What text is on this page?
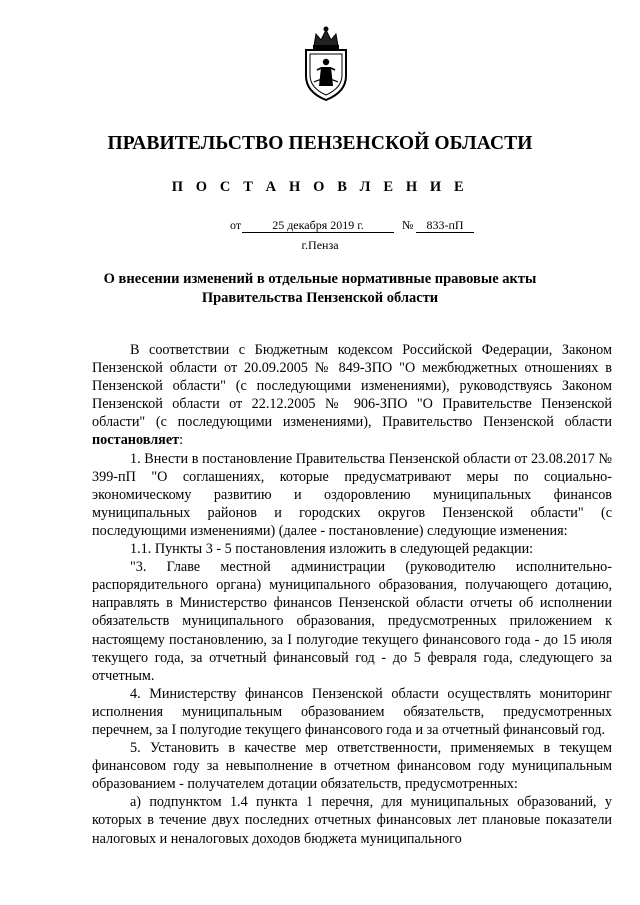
ПРАВИТЕЛЬСТВО ПЕНЗЕНСКОЙ ОБЛАСТИ
П О С Т А Н О В Л Е Н И Е
от	25 декабря 2019 г.	№	833-пП
г.Пенза
О внесении изменений в отдельные нормативные правовые акты
Правительства Пензенской области

В соответствии с Бюджетным кодексом Российской Федерации, Законом Пензенской области от 20.09.2005 № 849-ЗПО "О межбюджетных отношениях в Пензенской области" (с последующими изменениями), руководствуясь Законом Пензенской области от 22.12.2005 № 906-ЗПО "О Правительстве Пензенской области" (с последующими изменениями), Правительство Пензенской области постановляет:

1. Внести в постановление Правительства Пензенской области от 23.08.2017 № 399-пП "О соглашениях, которые предусматривают меры по социально-экономическому развитию и оздоровлению муниципальных финансов муниципальных районов и городских округов Пензенской области" (с последующими изменениями) (далее - постановление) следующие изменения:

1.1. Пункты 3 - 5 постановления изложить в следующей редакции:

"3. Главе местной администрации (руководителю исполнительно-распорядительного органа) муниципального образования, получающего дотацию, направлять в Министерство финансов Пензенской области отчеты об исполнении обязательств муниципального образования, предусмотренных приложением к настоящему постановлению, за I полугодие текущего финансового года - до 15 июля текущего года, за отчетный финансовый год - до 5 февраля года, следующего за отчетным.

4. Министерству финансов Пензенской области осуществлять мониторинг исполнения муниципальным образованием обязательств, предусмотренных перечнем, за I полугодие текущего финансового года и за отчетный финансовый год.

5. Установить в качестве мер ответственности, применяемых в текущем финансовом году за невыполнение в отчетном финансовом году муниципальным образованием - получателем дотации обязательств, предусмотренных:

а) подпунктом 1.4 пункта 1 перечня, для муниципальных образований, у которых в течение двух последних отчетных финансовых лет плановые показатели налоговых и неналоговых доходов бюджета муниципального
